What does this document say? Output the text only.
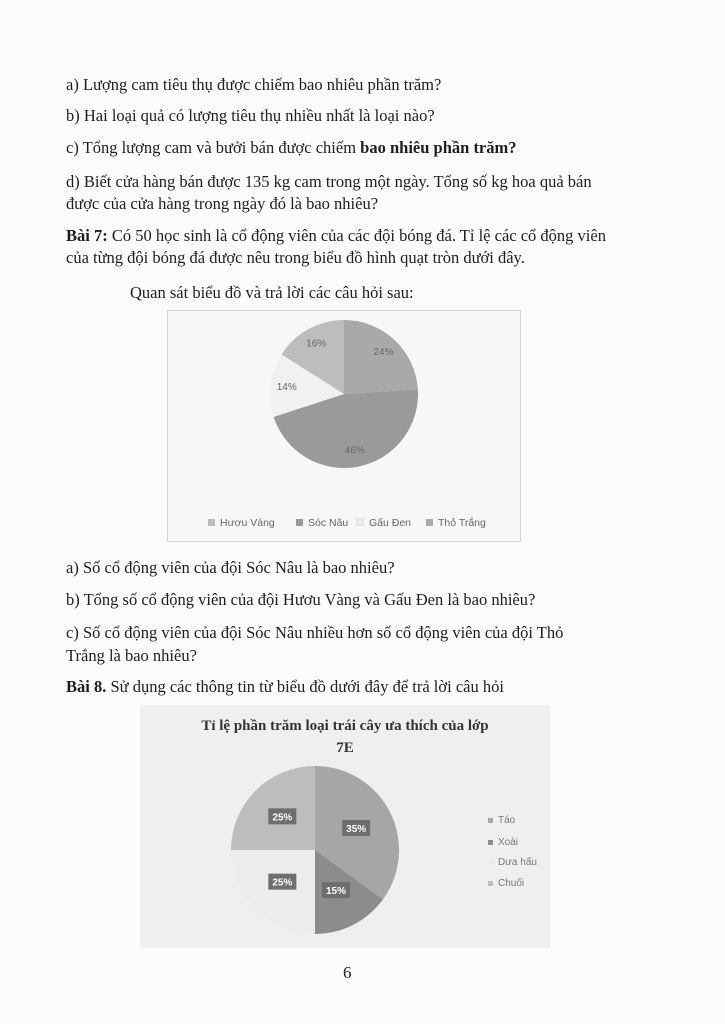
a) Lượng cam tiêu thụ được chiếm bao nhiêu phần trăm?
b) Hai loại quả có lượng tiêu thụ nhiều nhất là loại nào?
c) Tổng lượng cam và bưởi bán được chiếm bao nhiêu phần trăm?
d) Biết cửa hàng bán được 135 kg cam trong một ngày. Tổng số kg hoa quả bán
được của cửa hàng trong ngày đó là bao nhiêu?
Bài 7: Có 50 học sinh là cổ động viên của các đội bóng đá. Tỉ lệ các cổ động viên
của từng đội bóng đá được nêu trong biểu đồ hình quạt tròn dưới đây.
Quan sát biểu đồ và trả lời các câu hỏi sau:
24%
46%
14%
16%
Hươu Vàng	Sóc Nâu	Gấu Đen	Thỏ Trắng
a) Số cổ động viên của đội Sóc Nâu là bao nhiêu?
b) Tổng số cổ động viên của đội Hươu Vàng và Gấu Đen là bao nhiêu?
c) Số cổ động viên của đội Sóc Nâu nhiều hơn số cổ động viên của đội Thỏ
Trắng là bao nhiêu?
Bài 8. Sử dụng các thông tin từ biểu đồ dưới đây để trả lời câu hỏi
Tỉ lệ phần trăm loại trái cây ưa thích của lớp
7E
35%
15%
25%
25%	Táo
Xoài
Dưa hấu
Chuối
6
